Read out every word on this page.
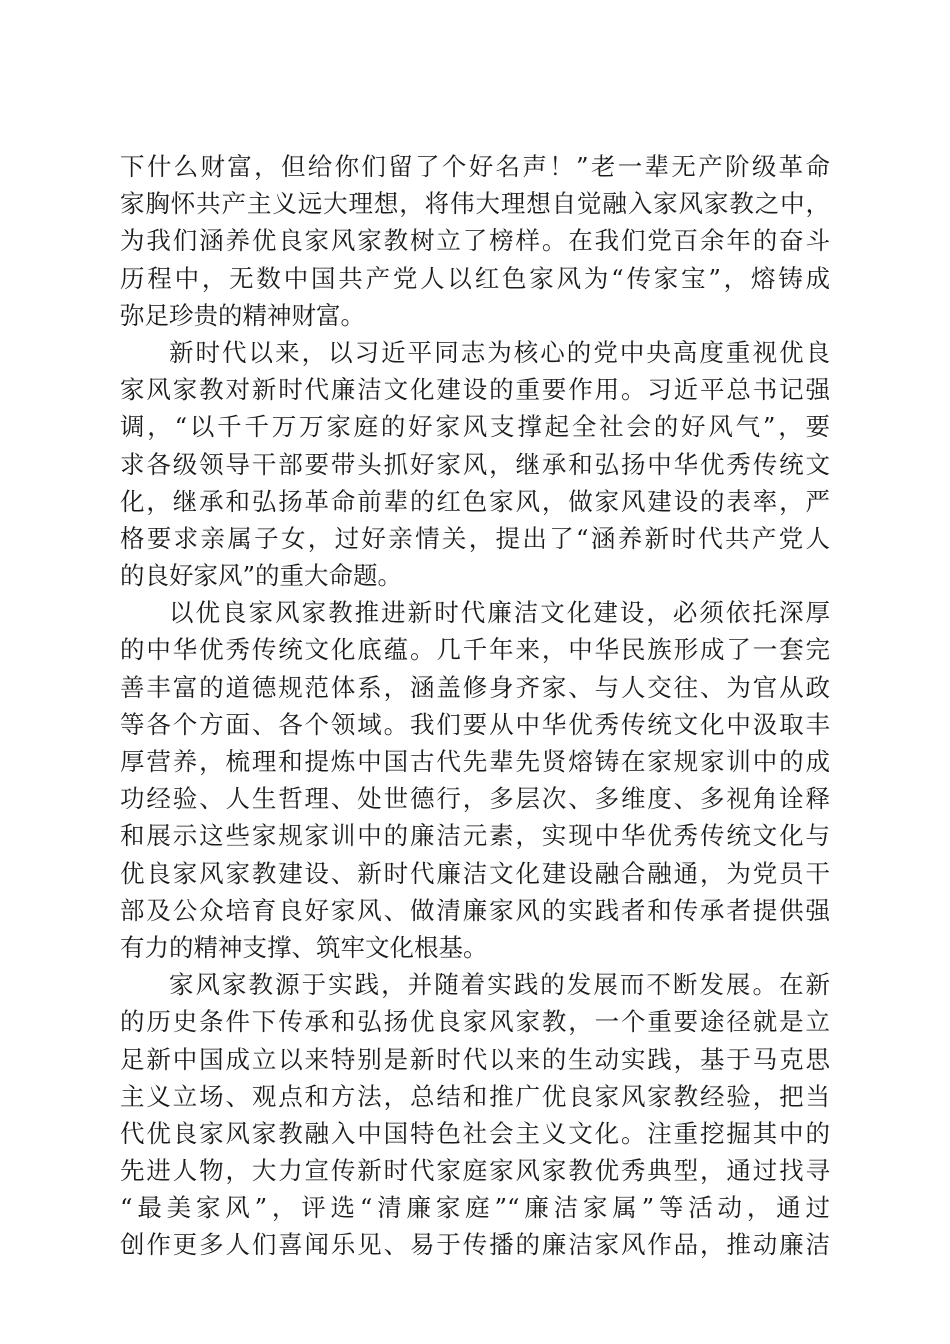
下什么财富，但给你们留了个好名声！”老一辈无产阶级革命
家胸怀共产主义远大理想，将伟大理想自觉融入家风家教之中，
为我们涵养优良家风家教树立了榜样。在我们党百余年的奋斗
历程中，无数中国共产党人以红色家风为“传家宝”，熔铸成
弥足珍贵的精神财富。
新时代以来，以习近平同志为核心的党中央高度重视优良
家风家教对新时代廉洁文化建设的重要作用。习近平总书记强
调，“以千千万万家庭的好家风支撑起全社会的好风气”，要
求各级领导干部要带头抓好家风，继承和弘扬中华优秀传统文
化，继承和弘扬革命前辈的红色家风，做家风建设的表率，严
格要求亲属子女，过好亲情关，提出了“涵养新时代共产党人
的良好家风”的重大命题。
以优良家风家教推进新时代廉洁文化建设，必须依托深厚
的中华优秀传统文化底蕴。几千年来，中华民族形成了一套完
善丰富的道德规范体系，涵盖修身齐家、与人交往、为官从政
等各个方面、各个领域。我们要从中华优秀传统文化中汲取丰
厚营养，梳理和提炼中国古代先辈先贤熔铸在家规家训中的成
功经验、人生哲理、处世德行，多层次、多维度、多视角诠释
和展示这些家规家训中的廉洁元素，实现中华优秀传统文化与
优良家风家教建设、新时代廉洁文化建设融合融通，为党员干
部及公众培育良好家风、做清廉家风的实践者和传承者提供强
有力的精神支撑、筑牢文化根基。
家风家教源于实践，并随着实践的发展而不断发展。在新
的历史条件下传承和弘扬优良家风家教，一个重要途径就是立
足新中国成立以来特别是新时代以来的生动实践，基于马克思
主义立场、观点和方法，总结和推广优良家风家教经验，把当
代优良家风家教融入中国特色社会主义文化。注重挖掘其中的
先进人物，大力宣传新时代家庭家风家教优秀典型，通过找寻
“最美家风”，评选“清廉家庭”“廉洁家属”等活动，通过
创作更多人们喜闻乐见、易于传播的廉洁家风作品，推动廉洁
